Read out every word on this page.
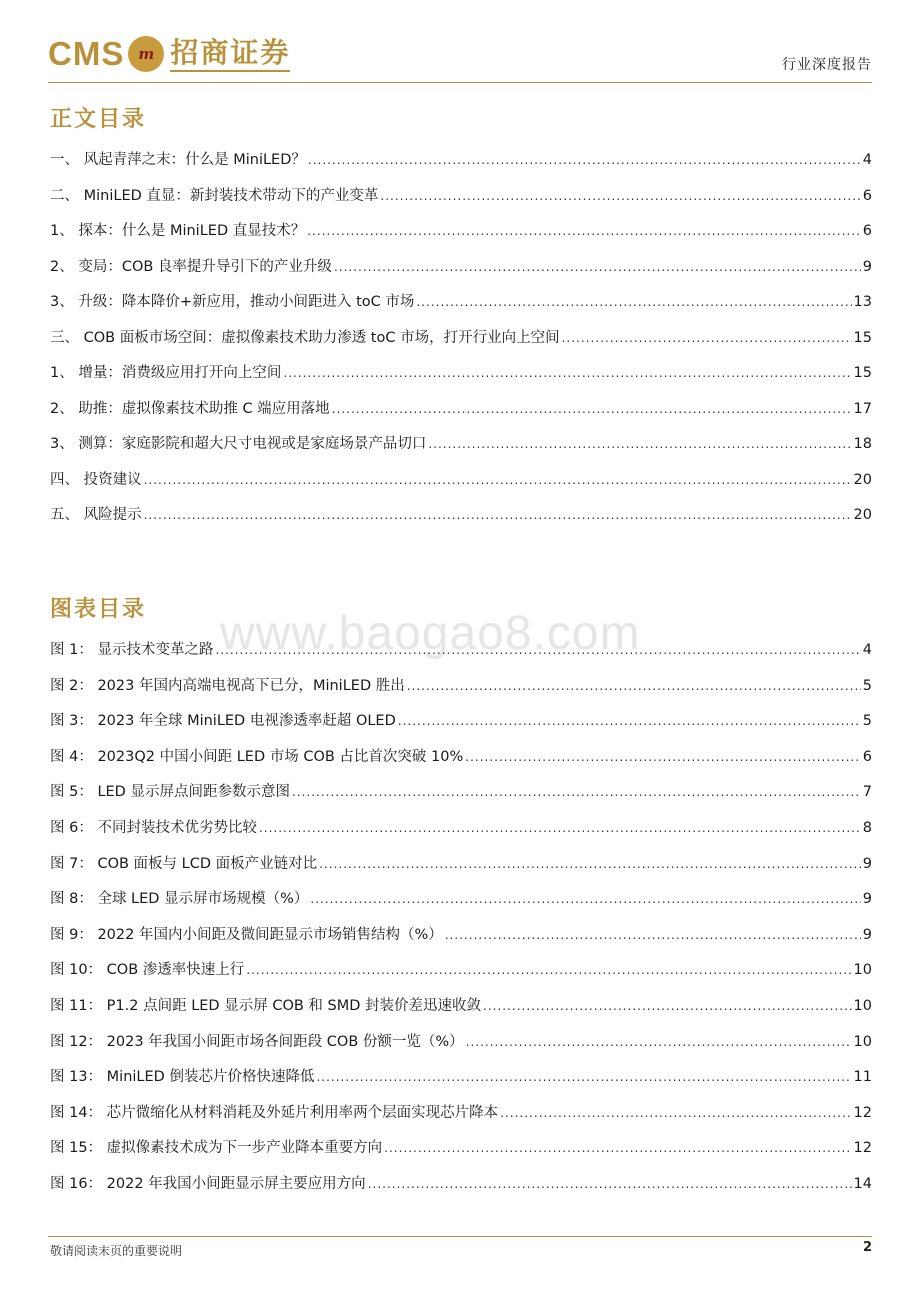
CMS m 招商证券	行业深度报告
www.baogao8.com
正文目录
一、 风起青萍之末：什么是 MiniLED？ .....	4
二、 MiniLED 直显：新封装技术带动下的产业变革 .....	6
1、 探本：什么是 MiniLED 直显技术？ .....	6
2、 变局：COB 良率提升导引下的产业升级 .....	9
3、 升级：降本降价+新应用，推动小间距进入 toC 市场 .....	13
三、 COB 面板市场空间：虚拟像素技术助力渗透 toC 市场，打开行业向上空间 .....	15
1、 增量：消费级应用打开向上空间 .....	15
2、 助推：虚拟像素技术助推 C 端应用落地 .....	17
3、 测算：家庭影院和超大尺寸电视或是家庭场景产品切口 .....	18
四、 投资建议 .....	20
五、 风险提示 .....	20
图表目录
图 1： 显示技术变革之路 .....	4
图 2： 2023 年国内高端电视高下已分，MiniLED 胜出 .....	5
图 3： 2023 年全球 MiniLED 电视渗透率赶超 OLED .....	5
图 4： 2023Q2 中国小间距 LED 市场 COB 占比首次突破 10% .....	6
图 5： LED 显示屏点间距参数示意图 .....	7
图 6： 不同封装技术优劣势比较 .....	8
图 7： COB 面板与 LCD 面板产业链对比 .....	9
图 8： 全球 LED 显示屏市场规模（%） .....	9
图 9： 2022 年国内小间距及微间距显示市场销售结构（%） .....	9
图 10： COB 渗透率快速上行 .....	10
图 11： P1.2 点间距 LED 显示屏 COB 和 SMD 封装价差迅速收敛 .....	10
图 12： 2023 年我国小间距市场各间距段 COB 份额一览（%） .....	10
图 13： MiniLED 倒装芯片价格快速降低 .....	11
图 14： 芯片微缩化从材料消耗及外延片利用率两个层面实现芯片降本 .....	12
图 15： 虚拟像素技术成为下一步产业降本重要方向 .....	12
图 16： 2022 年我国小间距显示屏主要应用方向 .....	14
敬请阅读末页的重要说明	2
